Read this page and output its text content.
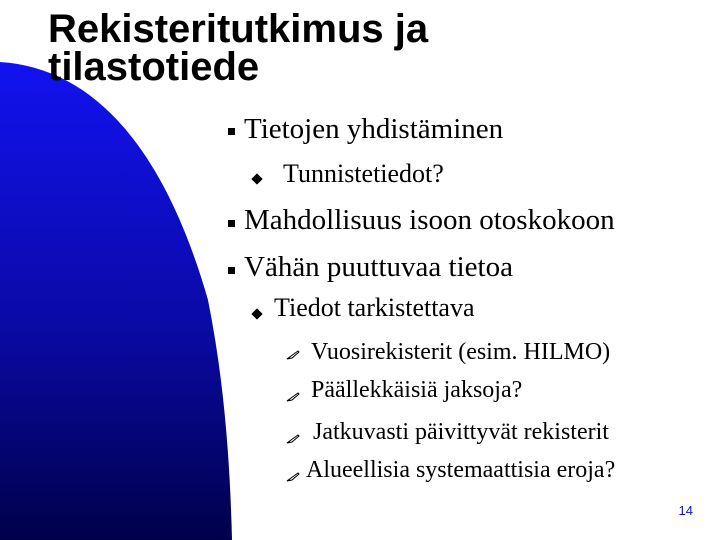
Rekisteritutkimus ja tilastotiede
Tietojen yhdistäminen
Tunnistetiedot?
Mahdollisuus isoon otoskokoon
Vähän puuttuvaa tietoa
Tiedot tarkistettava
Vuosirekisterit (esim. HILMO)
Päällekkäisiä jaksoja?
Jatkuvasti päivittyvät rekisterit
Alueellisia systemaattisia eroja?
14
